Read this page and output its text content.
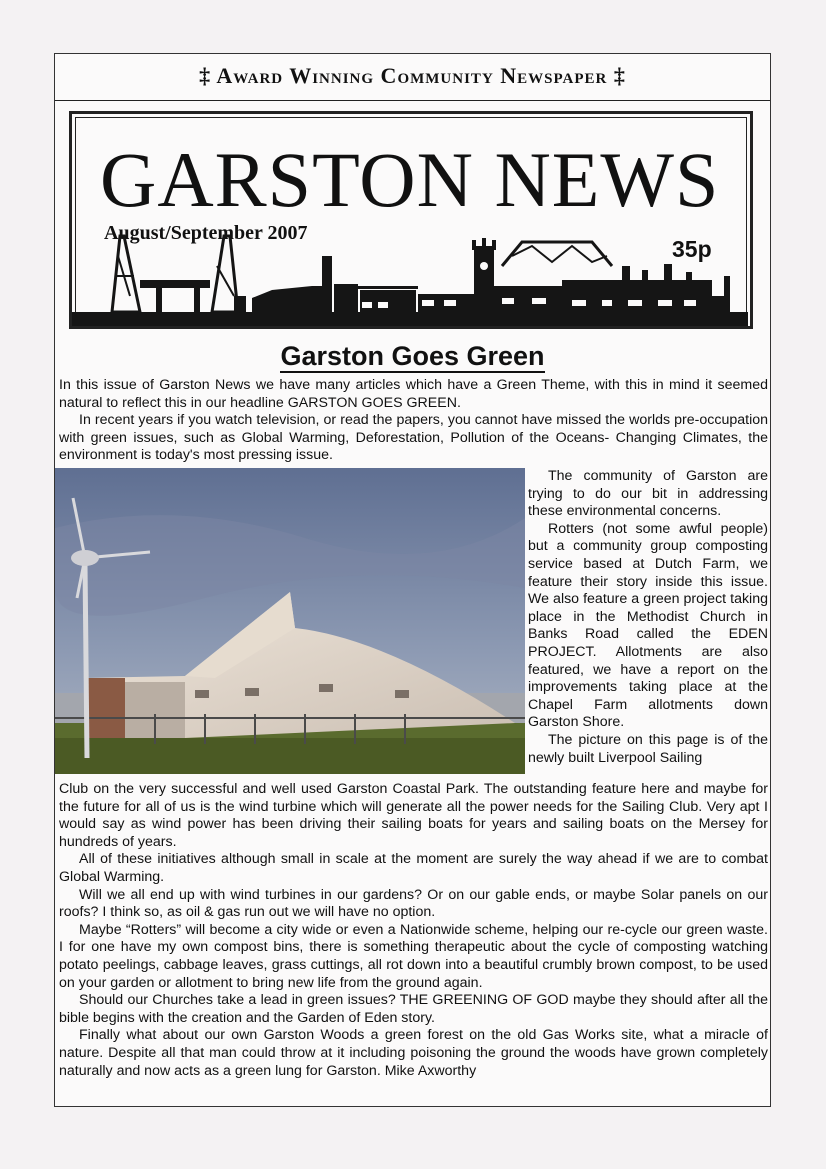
‡ Award Winning Community Newspaper ‡
GARSTON NEWS
August/September 2007
35p
Garston Goes Green

In this issue of Garston News we have many articles which have a Green Theme, with this in mind it seemed natural to reflect this in our headline GARSTON GOES GREEN.

In recent years if you watch television, or read the papers, you cannot have missed the worlds pre-occupation with green issues, such as Global Warming, Deforestation, Pollution of the Oceans- Changing Climates, the environment is today's most pressing issue.

The community of Garston are trying to do our bit in addressing these environmental concerns.

Rotters (not some awful people) but a community group composting service based at Dutch Farm, we feature their story inside this issue. We also feature a green project taking place in the Methodist Church in Banks Road called the EDEN PROJECT. Allotments are also featured, we have a report on the improvements taking place at the Chapel Farm allotments down Garston Shore.

The picture on this page is of the newly built Liverpool Sailing

Club on the very successful and well used Garston Coastal Park. The outstanding feature here and maybe for the future for all of us is the wind turbine which will generate all the power needs for the Sailing Club. Very apt I would say as wind power has been driving their sailing boats for years and sailing boats on the Mersey for hundreds of years.

All of these initiatives although small in scale at the moment are surely the way ahead if we are to combat Global Warming.

Will we all end up with wind turbines in our gardens? Or on our gable ends, or maybe Solar panels on our roofs? I think so, as oil & gas run out we will have no option.

Maybe “Rotters” will become a city wide or even a Nationwide scheme, helping our re-cycle our green waste. I for one have my own compost bins, there is something therapeutic about the cycle of composting watching potato peelings, cabbage leaves, grass cuttings, all rot down into a beautiful crumbly brown compost, to be used on your garden or allotment to bring new life from the ground again.

Should our Churches take a lead in green issues? THE GREENING OF GOD maybe they should after all the bible begins with the creation and the Garden of Eden story.

Finally what about our own Garston Woods a green forest on the old Gas Works site, what a miracle of nature. Despite all that man could throw at it including poisoning the ground the woods have grown completely naturally and now acts as a green lung for Garston. Mike Axworthy
